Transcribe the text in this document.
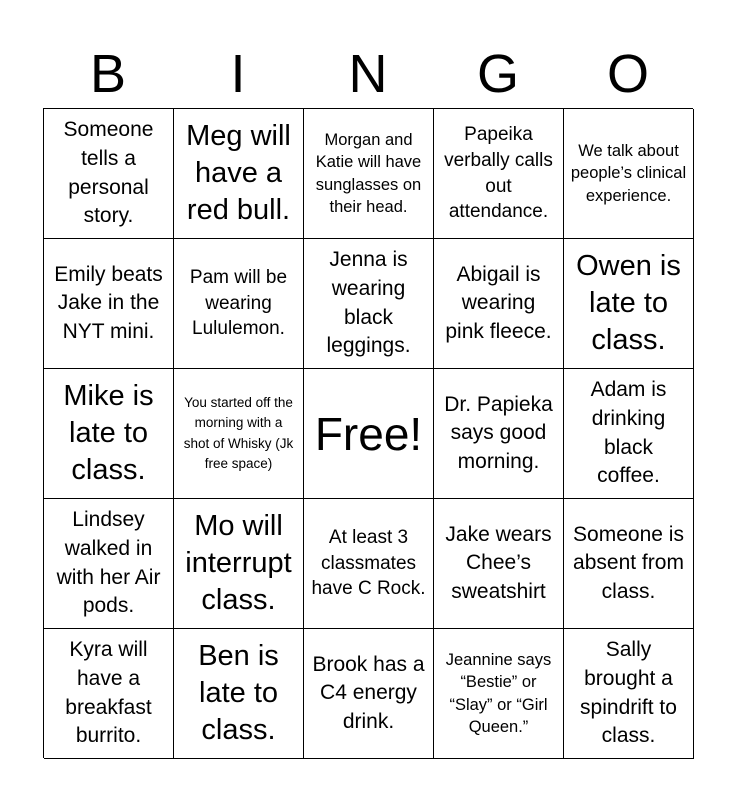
B	I	N	G	O
Someone tells a personal story.
Meg will have a red bull.
Morgan and Katie will have sunglasses on their head.
Papeika verbally calls out attendance.
We talk about people’s clinical experience.
Emily beats Jake in the NYT mini.
Pam will be wearing Lululemon.
Jenna is wearing black leggings.
Abigail is wearing pink fleece.
Owen is late to class.
Mike is late to class.
You started off the morning with a shot of Whisky (Jk free space)
Free!
Dr. Papieka says good morning.
Adam is drinking black coffee.
Lindsey walked in with her Air pods.
Mo will interrupt class.
At least 3 classmates have C Rock.
Jake wears Chee’s sweatshirt
Someone is absent from class.
Kyra will have a breakfast burrito.
Ben is late to class.
Brook has a C4 energy drink.
Jeannine says “Bestie” or “Slay” or “Girl Queen.”
Sally brought a spindrift to class.
